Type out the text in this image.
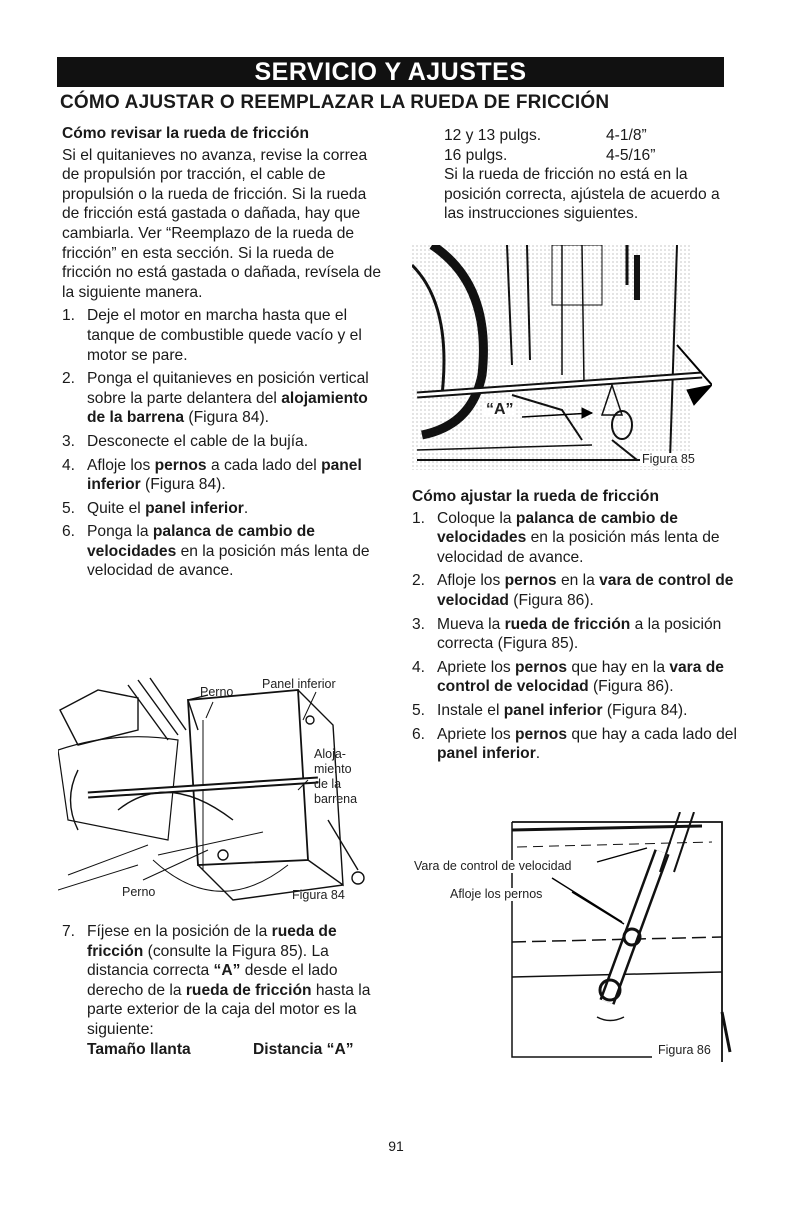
SERVICIO Y AJUSTES
CÓMO AJUSTAR O REEMPLAZAR LA RUEDA DE FRICCIÓN
Cómo revisar la rueda de fricción

Si el quitanieves no avanza, revise la correa de propulsión por tracción, el cable de propulsión o la rueda de fricción. Si la rueda de fricción está gastada o dañada, hay que cambiarla. Ver “Reemplazo de la rueda de fricción” en esta sección. Si la rueda de fricción no está gastada o dañada, revísela de la siguiente manera.

1. Deje el motor en marcha hasta que el tanque de combustible quede vacío y el motor se pare.
2. Ponga el quitanieves en posición vertical sobre la parte delantera del alojamiento de la barrena (Figura 84).
3. Desconecte el cable de la bujía.
4. Afloje los pernos a cada lado del panel inferior (Figura 84).
5. Quite el panel inferior.
6. Ponga la palanca de cambio de velocidades en la posición más lenta de velocidad de avance.
Perno
Panel inferior
Aloja-
miento
de la
barrena
Perno	Figura 84
7. Fíjese en la posición de la rueda de fricción (consulte la Figura 85). La distancia correcta “A” desde el lado derecho de la rueda de fricción hasta la parte exterior de la caja del motor es la siguiente:
Tamaño llanta	Distancia “A”
12 y 13 pulgs.	4-1/8”
16 pulgs.	4-5/16”

Si la rueda de fricción no está en la posición correcta, ajústela de acuerdo a las instrucciones siguientes.

“A”
Figura 85
Cómo ajustar la rueda de fricción
1. Coloque la palanca de cambio de velocidades en la posición más lenta de velocidad de avance.
2. Afloje los pernos en la vara de control de velocidad (Figura 86).
3. Mueva la rueda de fricción a la posición correcta (Figura 85).
4. Apriete los pernos que hay en la vara de control de velocidad (Figura 86).
5. Instale el panel inferior (Figura 84).
6. Apriete los pernos que hay a cada lado del panel inferior.
Vara de control de velocidad
Afloje los pernos
Figura 86
91
